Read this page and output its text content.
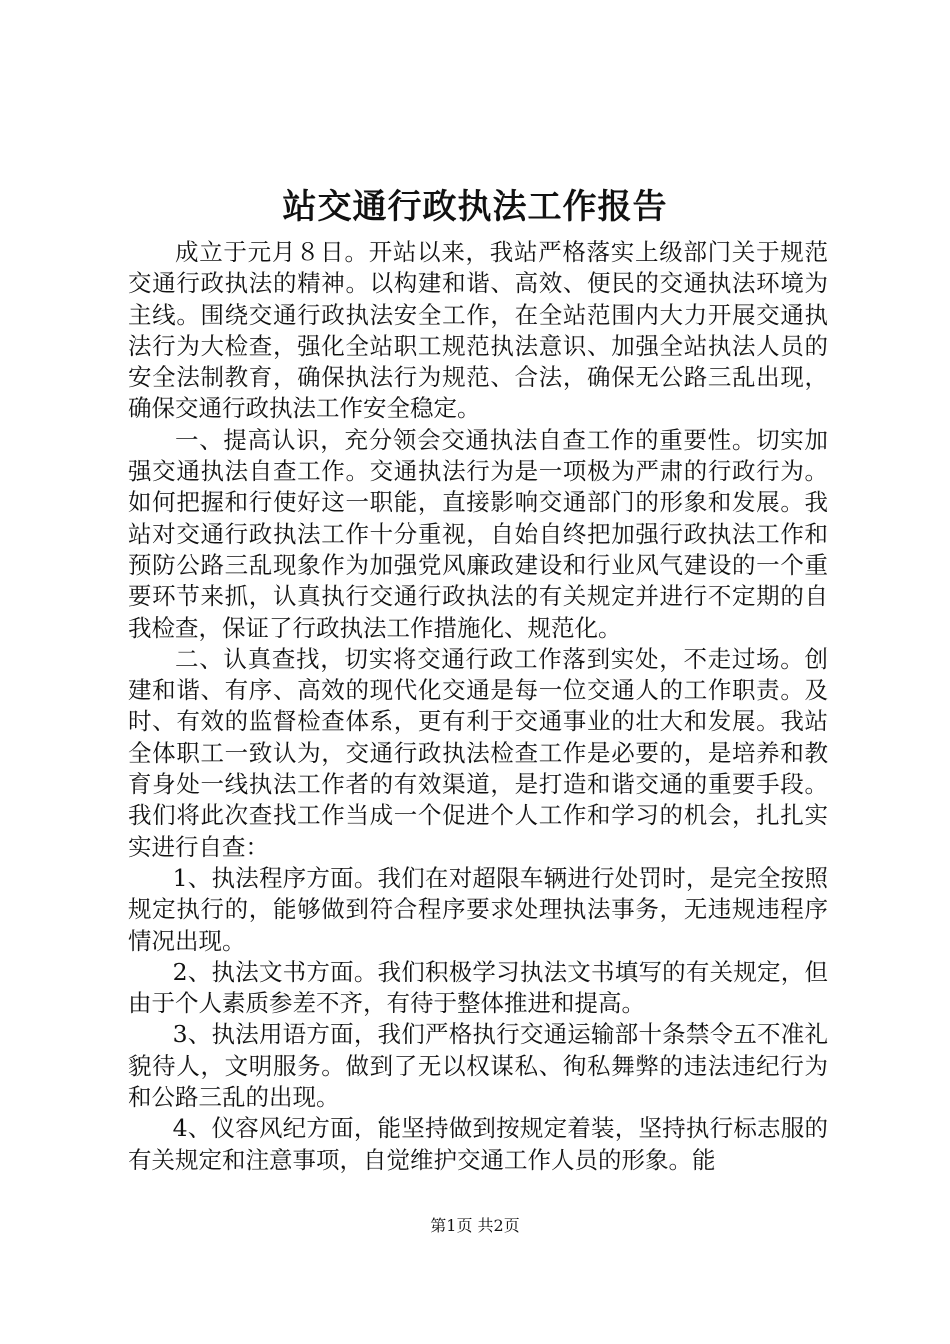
站交通行政执法工作报告

成立于元月８日。开站以来，我站严格落实上级部门关于规范交通行政执法的精神。以构建和谐、高效、便民的交通执法环境为主线。围绕交通行政执法安全工作，在全站范围内大力开展交通执法行为大检查，强化全站职工规范执法意识、加强全站执法人员的安全法制教育，确保执法行为规范、合法，确保无公路三乱出现，确保交通行政执法工作安全稳定。

一、提高认识，充分领会交通执法自查工作的重要性。切实加强交通执法自查工作。交通执法行为是一项极为严肃的行政行为。如何把握和行使好这一职能，直接影响交通部门的形象和发展。我站对交通行政执法工作十分重视，自始自终把加强行政执法工作和预防公路三乱现象作为加强党风廉政建设和行业风气建设的一个重要环节来抓，认真执行交通行政执法的有关规定并进行不定期的自我检查，保证了行政执法工作措施化、规范化。

二、认真查找，切实将交通行政工作落到实处，不走过场。创建和谐、有序、高效的现代化交通是每一位交通人的工作职责。及时、有效的监督检查体系，更有利于交通事业的壮大和发展。我站全体职工一致认为，交通行政执法检查工作是必要的，是培养和教育身处一线执法工作者的有效渠道，是打造和谐交通的重要手段。我们将此次查找工作当成一个促进个人工作和学习的机会，扎扎实实进行自查：

1、执法程序方面。我们在对超限车辆进行处罚时，是完全按照规定执行的，能够做到符合程序要求处理执法事务，无违规违程序情况出现。

2、执法文书方面。我们积极学习执法文书填写的有关规定，但由于个人素质参差不齐，有待于整体推进和提高。

3、执法用语方面，我们严格执行交通运输部十条禁令五不准礼貌待人，文明服务。做到了无以权谋私、徇私舞弊的违法违纪行为和公路三乱的出现。

4、仪容风纪方面，能坚持做到按规定着装，坚持执行标志服的有关规定和注意事项，自觉维护交通工作人员的形象。能

第1页 共2页
